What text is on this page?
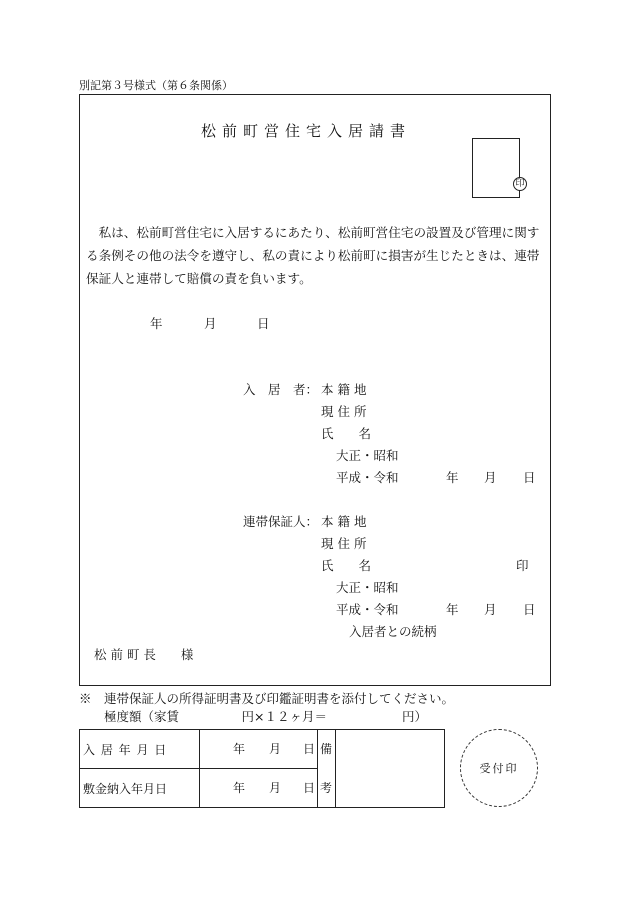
別記第３号様式（第６条関係）
松前町営住宅入居請書
印
　私は、松前町営住宅に入居するにあたり、松前町営住宅の設置及び管理に関する条例その他の法令を遵守し、私の責により松前町に損害が生じたときは、連帯保証人と連帯して賠償の責を負います。
年	月	日
入　居　者： 本 籍 地
現 住 所
氏　　名
大正・昭和
平成・令和	年 月 日
連帯保証人： 本 籍 地
現 住 所
氏　　名	印
大正・昭和
平成・令和	年 月 日
入居者との続柄
松 前 町 長　　様
※　連帯保証人の所得証明書及び印鑑証明書を添付してください。
極度額（家賃　　　　　円×１２ヶ月＝　　　　　　円）
入 居 年 月 日	年 月 日	備
考	

敷金納入年月日	年 月 日		
受付印
